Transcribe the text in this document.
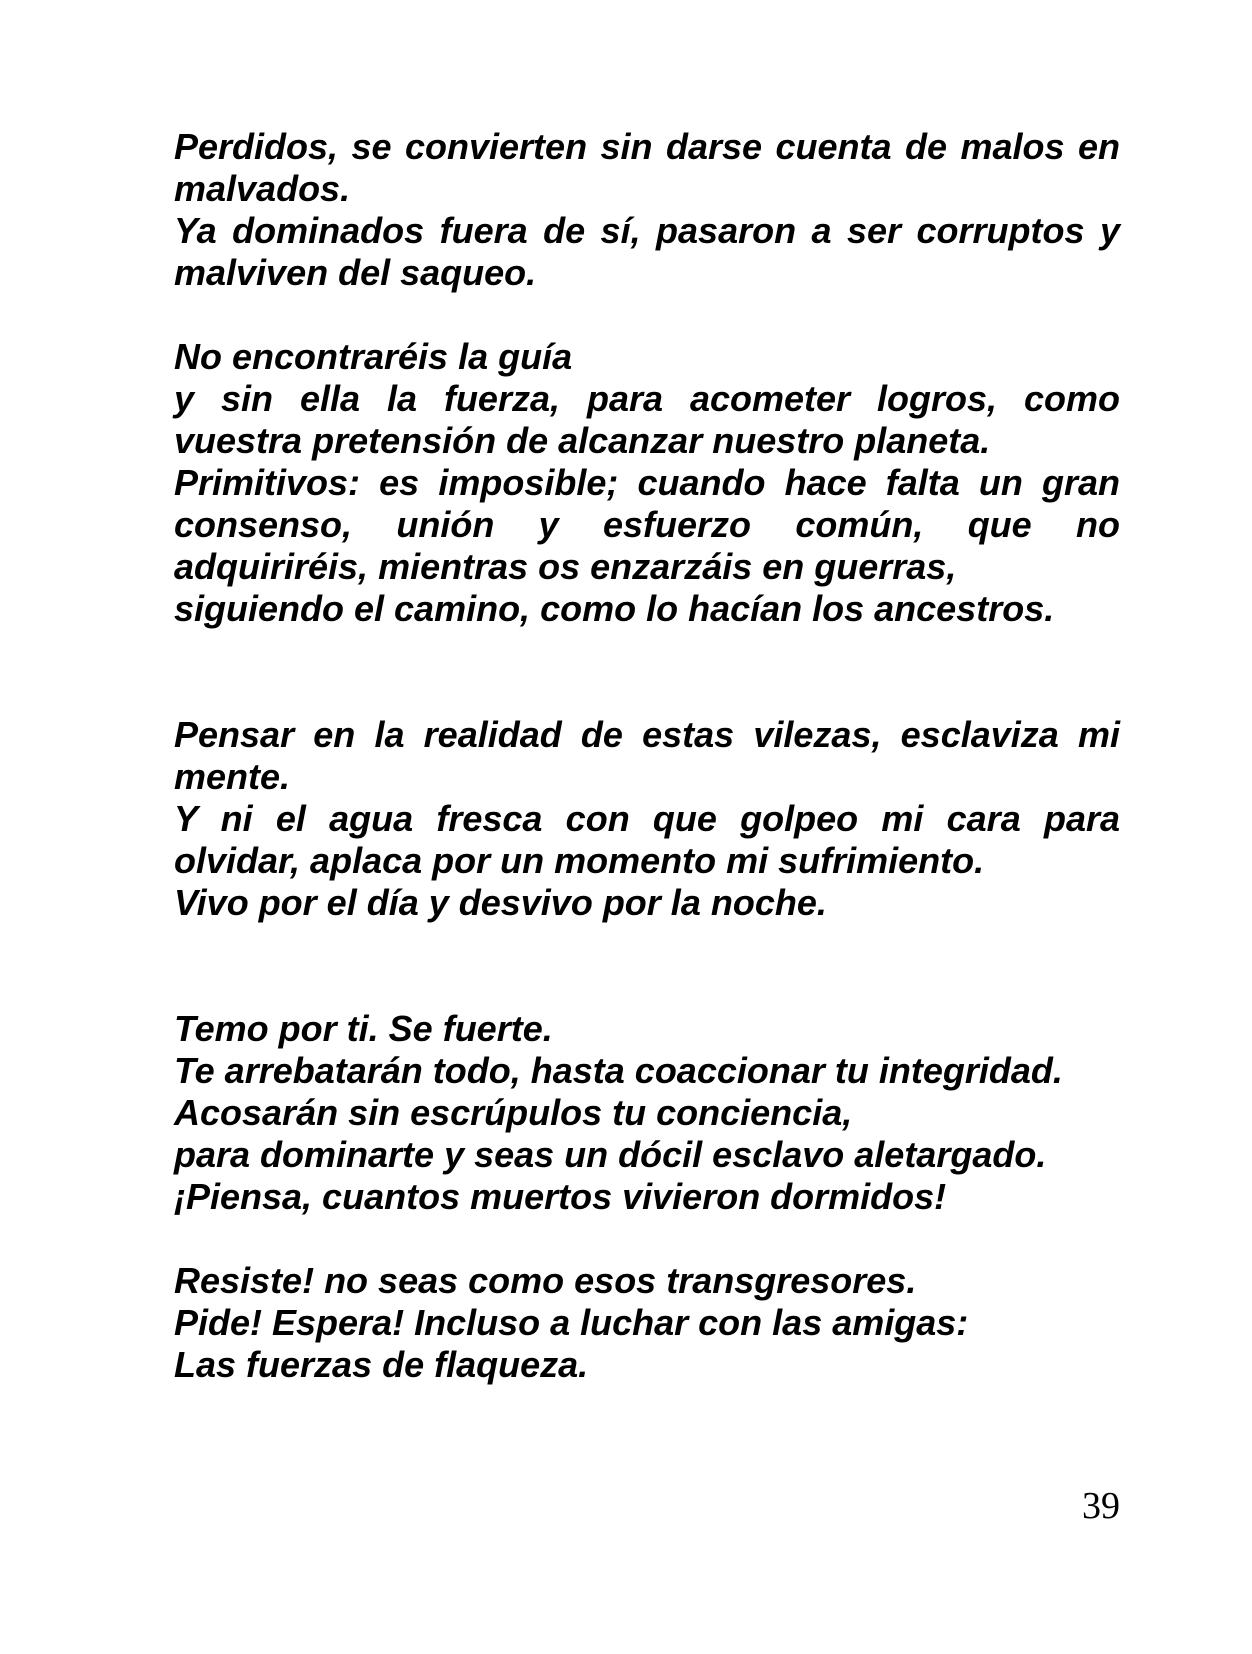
Perdidos, se convierten sin darse cuenta de malos en
malvados.
Ya dominados fuera de sí, pasaron a ser corruptos y
malviven del saqueo.
No encontraréis la guía
y sin ella la fuerza, para acometer logros, como
vuestra pretensión de alcanzar nuestro planeta.
Primitivos: es imposible; cuando hace falta un gran
consenso, unión y esfuerzo común, que no
adquiriréis, mientras os enzarzáis en guerras,
siguiendo el camino, como lo hacían los ancestros.
Pensar en la realidad de estas vilezas, esclaviza mi
mente.
Y ni el agua fresca con que golpeo mi cara para
olvidar, aplaca por un momento mi sufrimiento.
Vivo por el día y desvivo por la noche.
Temo por ti. Se fuerte.
Te arrebatarán todo, hasta coaccionar tu integridad.
Acosarán sin escrúpulos tu conciencia,
para dominarte y seas un dócil esclavo aletargado.
¡Piensa, cuantos muertos vivieron dormidos!
Resiste! no seas como esos transgresores.
Pide! Espera! Incluso a luchar con las amigas:
Las fuerzas de flaqueza.
39
